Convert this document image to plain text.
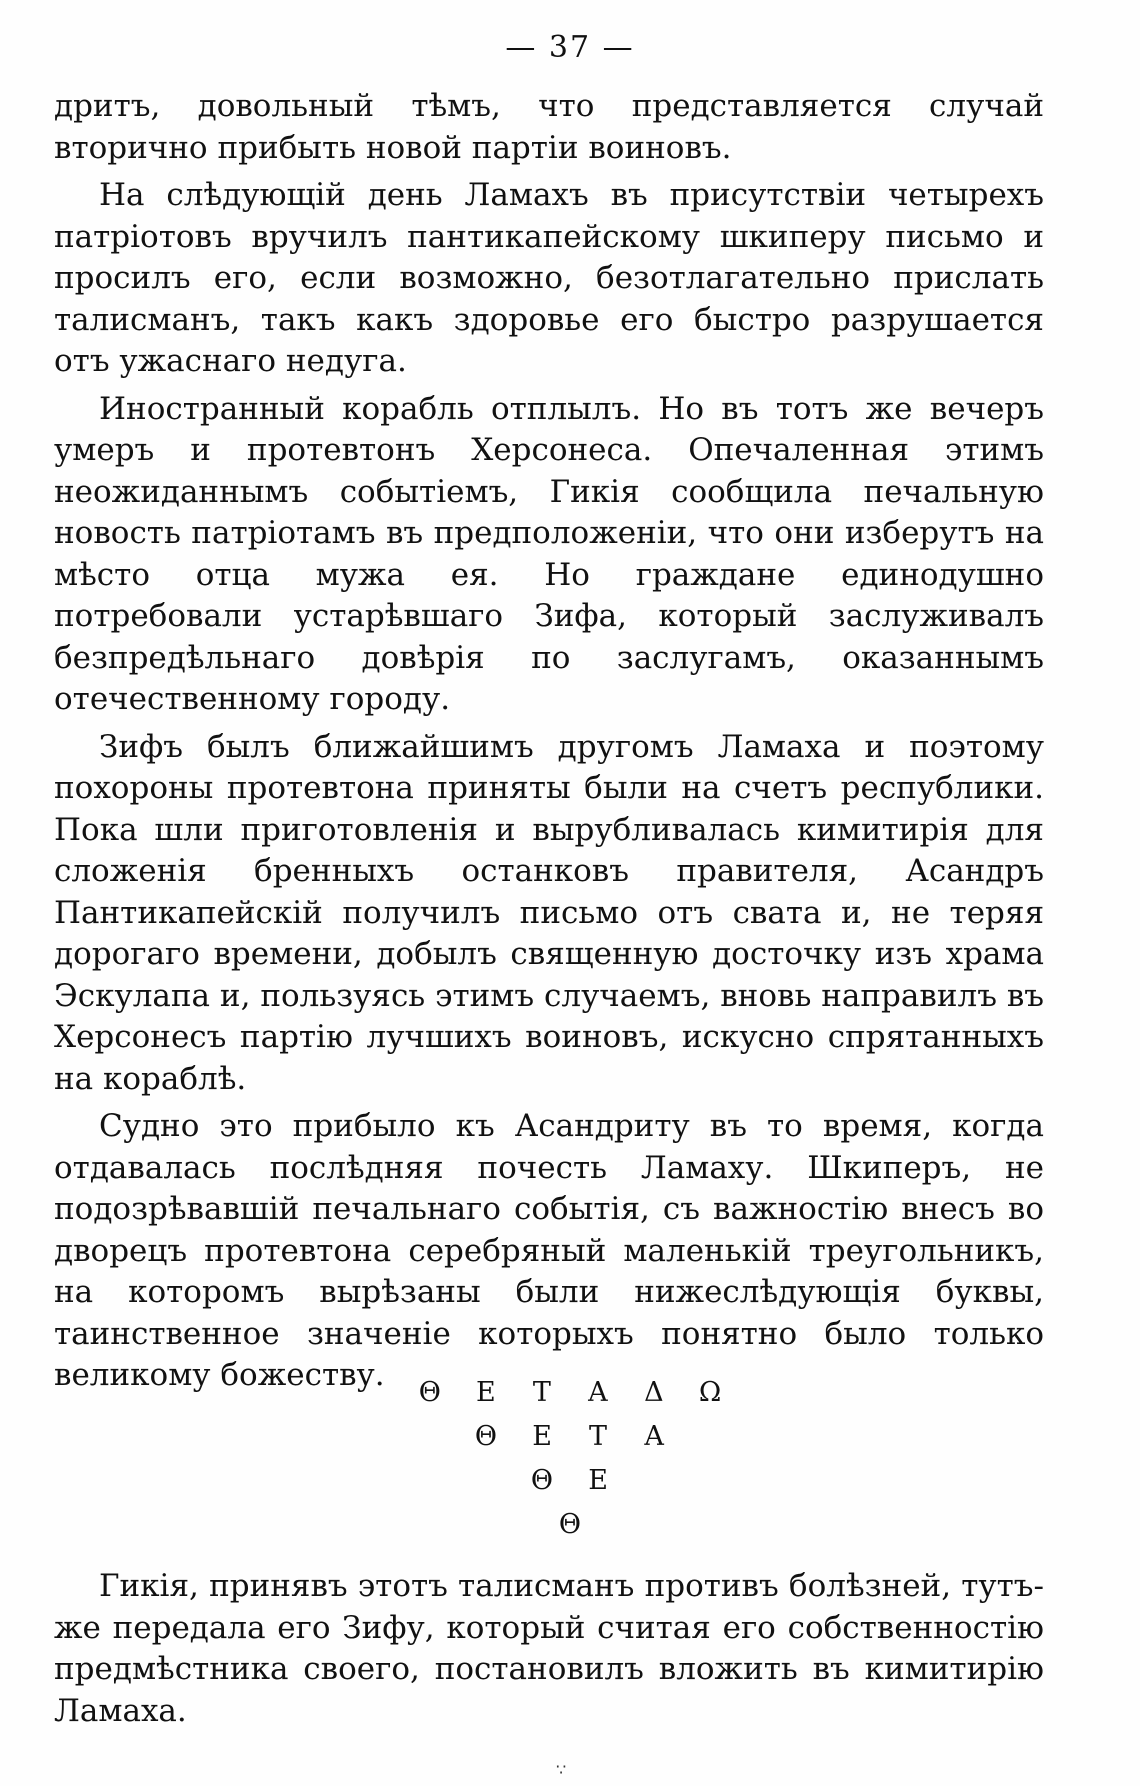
— 37 —

дритъ, довольный тѣмъ, что представляется случай вторично прибыть новой партіи воиновъ.

На слѣдующій день Ламахъ въ присутствіи четырехъ патріотовъ вручилъ пантикапейскому шкиперу письмо и просилъ его, если возможно, безотлагательно прислать талисманъ, такъ какъ здоровье его быстро разрушается отъ ужаснаго недуга.

Иностранный корабль отплылъ. Но въ тотъ же вечеръ умеръ и протевтонъ Херсонеса. Опечаленная этимъ неожиданнымъ событіемъ, Гикія сообщила печальную новость патріотамъ въ предположеніи, что они изберутъ на мѣсто отца мужа ея. Но граждане единодушно потребовали устарѣвшаго Зифа, который заслуживалъ безпредѣльнаго довѣрія по заслугамъ, оказаннымъ отечественному городу.

Зифъ былъ ближайшимъ другомъ Ламаха и поэтому похороны протевтона приняты были на счетъ республики. Пока шли приготовленія и вырубливалась кимитирія для сложенія бренныхъ останковъ правителя, Асандръ Пантикапейскій получилъ письмо отъ свата и, не теряя дорогаго времени, добылъ священную досточку изъ храма Эскулапа и, пользуясь этимъ случаемъ, вновь направилъ въ Херсонесъ партію лучшихъ воиновъ, искусно спрятанныхъ на кораблѣ.

Судно это прибыло къ Асандриту въ то время, когда отдавалась послѣдняя почесть Ламаху. Шкиперъ, не подозрѣвавшій печальнаго событія, съ важностію внесъ во дворецъ протевтона серебряный маленькій треугольникъ, на которомъ вырѣзаны были нижеслѣдующія буквы, таинственное значеніе которыхъ понятно было только великому божеству.	Θ Ε Τ Α Δ Ω
Θ Ε Τ Α
Θ Ε
Θ

Гикія, принявъ этотъ талисманъ противъ болѣзней, тутъ-же передала его Зифу, который считая его собственностію предмѣстника своего, постановилъ вложить въ кимитирію Ламаха.

∵
